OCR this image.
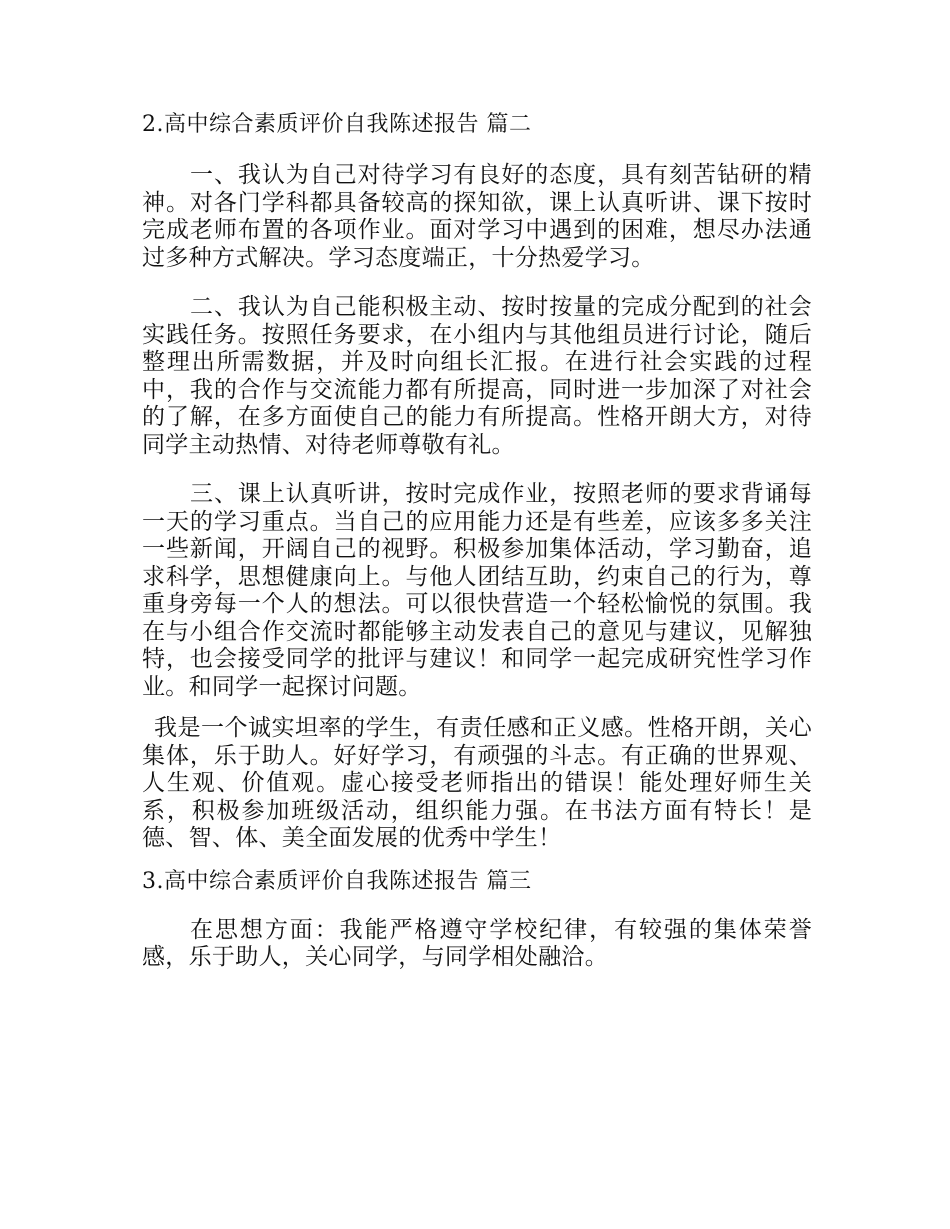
2.高中综合素质评价自我陈述报告 篇二

一、我认为自己对待学习有良好的态度，具有刻苦钻研的精神。对各门学科都具备较高的探知欲，课上认真听讲、课下按时完成老师布置的各项作业。面对学习中遇到的困难，想尽办法通过多种方式解决。学习态度端正，十分热爱学习。

二、我认为自己能积极主动、按时按量的完成分配到的社会实践任务。按照任务要求，在小组内与其他组员进行讨论，随后整理出所需数据，并及时向组长汇报。在进行社会实践的过程中，我的合作与交流能力都有所提高，同时进一步加深了对社会的了解，在多方面使自己的能力有所提高。性格开朗大方，对待同学主动热情、对待老师尊敬有礼。

三、课上认真听讲，按时完成作业，按照老师的要求背诵每一天的学习重点。当自己的应用能力还是有些差，应该多多关注一些新闻，开阔自己的视野。积极参加集体活动，学习勤奋，追求科学，思想健康向上。与他人团结互助，约束自己的行为，尊重身旁每一个人的想法。可以很快营造一个轻松愉悦的氛围。我在与小组合作交流时都能够主动发表自己的意见与建议，见解独特，也会接受同学的批评与建议！和同学一起完成研究性学习作业。和同学一起探讨问题。

我是一个诚实坦率的学生，有责任感和正义感。性格开朗，关心集体，乐于助人。好好学习，有顽强的斗志。有正确的世界观、人生观、价值观。虚心接受老师指出的错误！能处理好师生关系，积极参加班级活动，组织能力强。在书法方面有特长！是德、智、体、美全面发展的优秀中学生！

3.高中综合素质评价自我陈述报告 篇三

在思想方面：我能严格遵守学校纪律，有较强的集体荣誉感，乐于助人，关心同学，与同学相处融洽。
